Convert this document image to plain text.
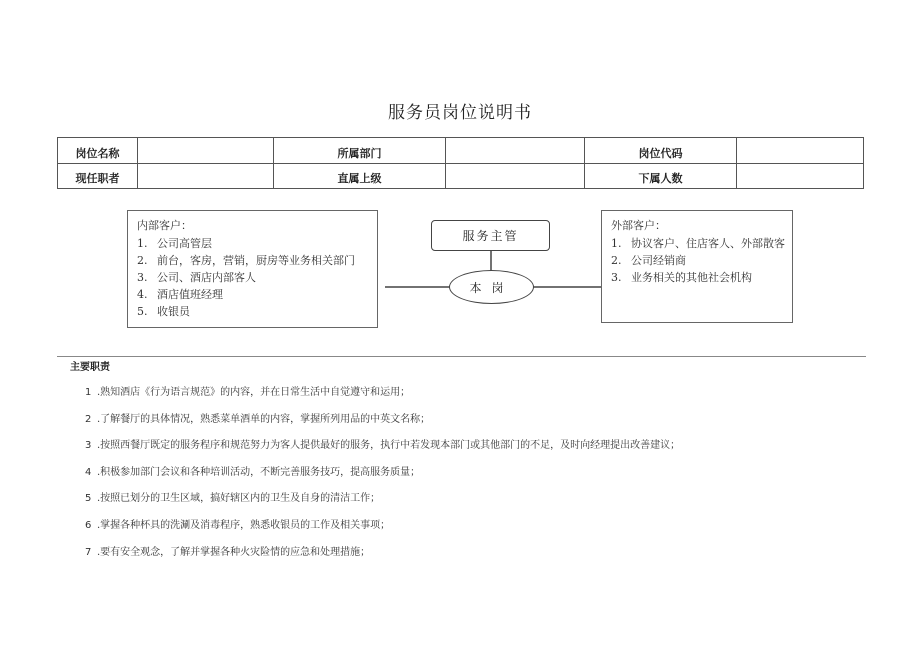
服务员岗位说明书
岗位名称		所属部门		岗位代码	
现任职者		直属上级		下属人数	
内部客户：
1. 公司高管层
2. 前台，客房，营销，厨房等业务相关部门
3. 公司、酒店内部客人
4. 酒店值班经理
5. 收银员
服务主管
本岗
外部客户：
1. 协议客户、住店客人、外部散客
2. 公司经销商
3. 业务相关的其他社会机构
主要职责
1 .熟知酒店《行为语言规范》的内容，并在日常生活中自觉遵守和运用；
2 .了解餐厅的具体情况，熟悉菜单酒单的内容，掌握所列用品的中英文名称；
3 .按照西餐厅既定的服务程序和规范努力为客人提供最好的服务，执行中若发现本部门或其他部门的不足，及时向经理提出改善建议；
4 .积极参加部门会议和各种培训活动，不断完善服务技巧，提高服务质量；
5 .按照已划分的卫生区域，搞好辖区内的卫生及自身的清洁工作；
6 .掌握各种杯具的洗涮及消毒程序，熟悉收银员的工作及相关事项；
7 .要有安全观念，了解并掌握各种火灾险情的应急和处理措施；
